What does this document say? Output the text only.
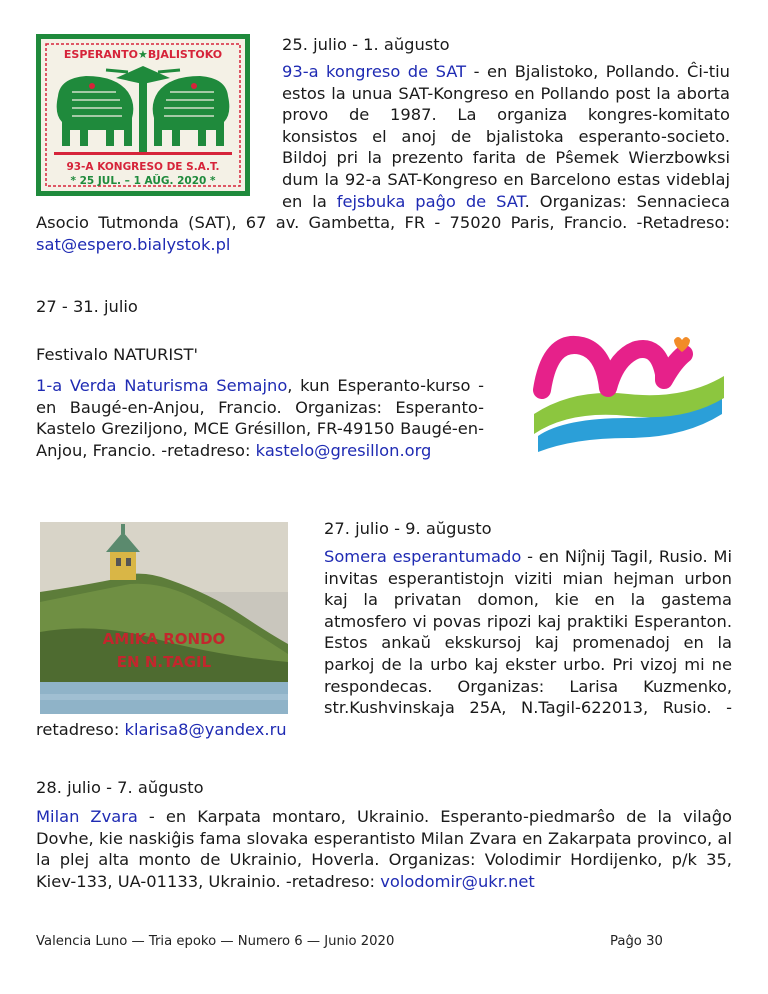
ESPERANTO★BJALISTOKO
93-A KONGRESO DE S.A.T.
* 25 JUL. – 1 AŬG. 2020 *
25. julio - 1. aŭgusto
93-a kongreso de SAT - en Bjalistoko, Pollando. Ĉi-tiu estos la unua SAT-Kongreso en Pollando post la aborta provo de 1987. La organiza kongres-komitato konsistos el anoj de bjalistoka esperanto-societo. Bildoj pri la prezento farita de Pŝemek Wierzbowksi dum la 92-a SAT-Kongreso en Barcelono estas videblaj en la fejsbuka paĝo de SAT. Organizas: Sennacieca Asocio Tutmonda (SAT), 67 av. Gambetta, FR - 75020 Paris, Francio. -Retadreso: sat@espero.bialystok.pl
27 - 31. julio
Festivalo NATURIST'
1-a Verda Naturisma Semajno, kun Esperanto-kurso - en Baugé-en-Anjou, Francio. Organizas: Esperanto-Kastelo Greziljono, MCE Grésillon, FR-49150 Baugé-en-Anjou, Francio. -retadreso: kastelo@gresillon.org
AMIKA RONDO
EN N.TAGIL
27. julio - 9. aŭgusto
Somera esperantumado - en Niĵnij Tagil, Rusio. Mi invitas esperantistojn viziti mian hejman urbon kaj la privatan domon, kie en la gastema atmosfero vi povas ripozi kaj praktiki Esperanton. Estos ankaŭ ekskursoj kaj promenadoj en la parkoj de la urbo kaj ekster urbo. Pri vizoj mi ne respondecas. Organizas: Larisa Kuzmenko, str.Kushvinskaja 25A, N.Tagil-622013, Rusio. - retadreso: klarisa8@yandex.ru
28. julio - 7. aŭgusto
Milan Zvara - en Karpata montaro, Ukrainio. Esperanto-piedmarŝo de la vilaĝo Dovhe, kie naskiĝis fama slovaka esperantisto Milan Zvara en Zakarpata provinco, al la plej alta monto de Ukrainio, Hoverla. Organizas: Volodimir Hordijenko, p/k 35, Kiev-133, UA-01133, Ukrainio. -retadreso: volodomir@ukr.net
Valencia Luno — Tria epoko — Numero 6 — Junio 2020	Paĝo 30
